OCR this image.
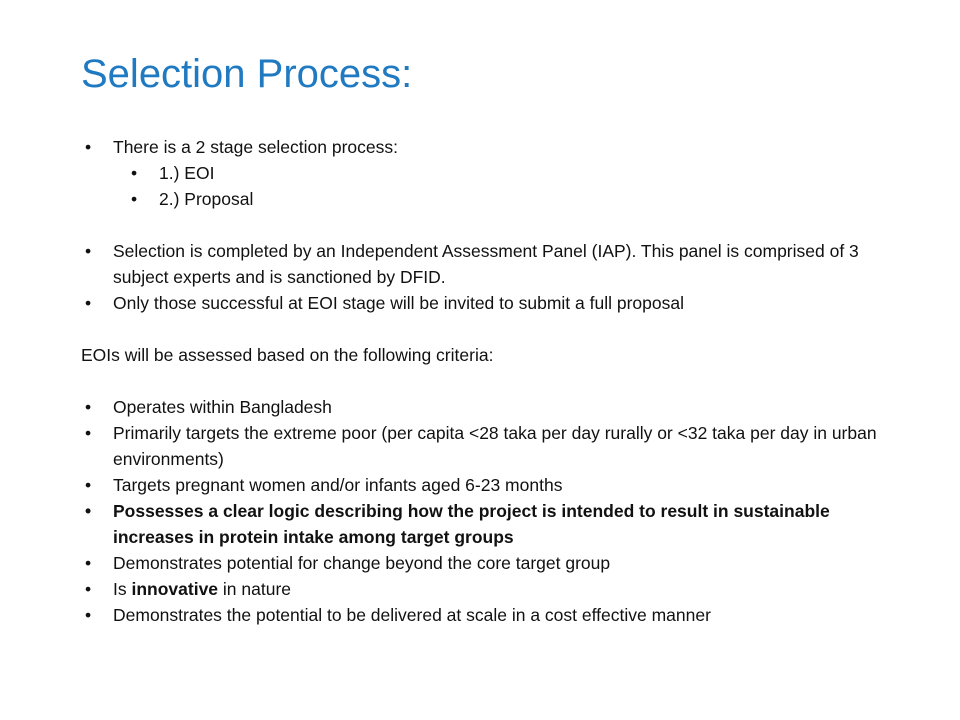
Selection Process:
• There is a 2 stage selection process:
• 1.) EOI
• 2.) Proposal
• Selection is completed by an Independent Assessment Panel (IAP). This panel is comprised of 3 subject experts and is sanctioned by DFID.
• Only those successful at EOI stage will be invited to submit a full proposal

EOIs will be assessed based on the following criteria:

• Operates within Bangladesh
• Primarily targets the extreme poor (per capita <28 taka per day rurally or <32 taka per day in urban environments)
• Targets pregnant women and/or infants aged 6-23 months
• Possesses a clear logic describing how the project is intended to result in sustainable increases in protein intake among target groups
• Demonstrates potential for change beyond the core target group
• Is innovative in nature
• Demonstrates the potential to be delivered at scale in a cost effective manner
